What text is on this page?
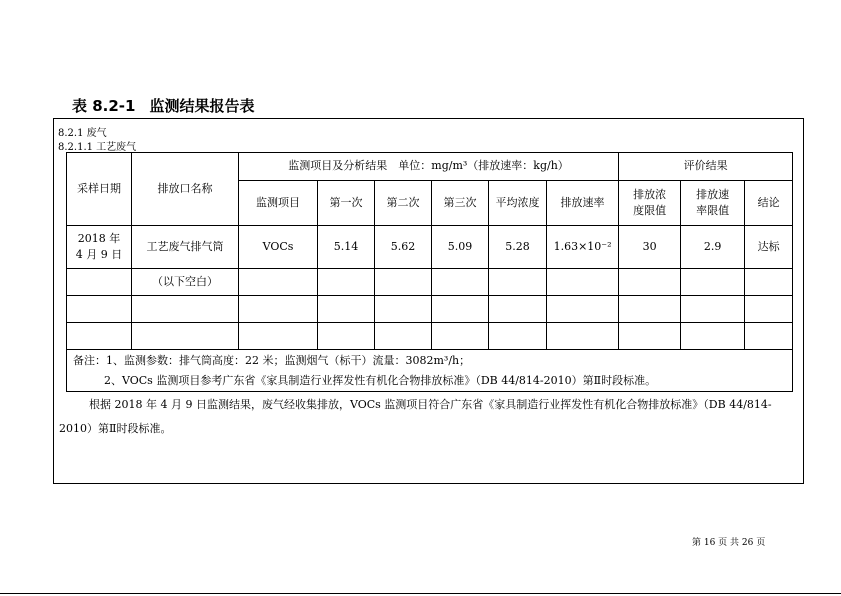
表 8.2-1 监测结果报告表
8.2.1 废气
8.2.1.1 工艺废气
采样日期	排放口名称	监测项目及分析结果　单位：mg/m³（排放速率：kg/h）						评价结果		
		监测项目	第一次	第二次	第三次	平均浓度	排放速率	排放浓度限值	排放速率限值	结论
2018 年 4 月 9 日	工艺废气排气筒	VOCs	5.14	5.62	5.09	5.28	1.63×10⁻²	30	2.9	达标
	（以下空白）									

备注：1、监测参数：排气筒高度：22 米；监测烟气（标干）流量：3082m³/h；
2、VOCs 监测项目参考广东省《家具制造行业挥发性有机化合物排放标准》（DB 44/814-2010）第Ⅱ时段标准。										
根据 2018 年 4 月 9 日监测结果，废气经收集排放，VOCs 监测项目符合广东省《家具制造行业挥发性有机化合物排放标准》（DB 44/814-2010）第Ⅱ时段标准。
第 16 页 共 26 页
